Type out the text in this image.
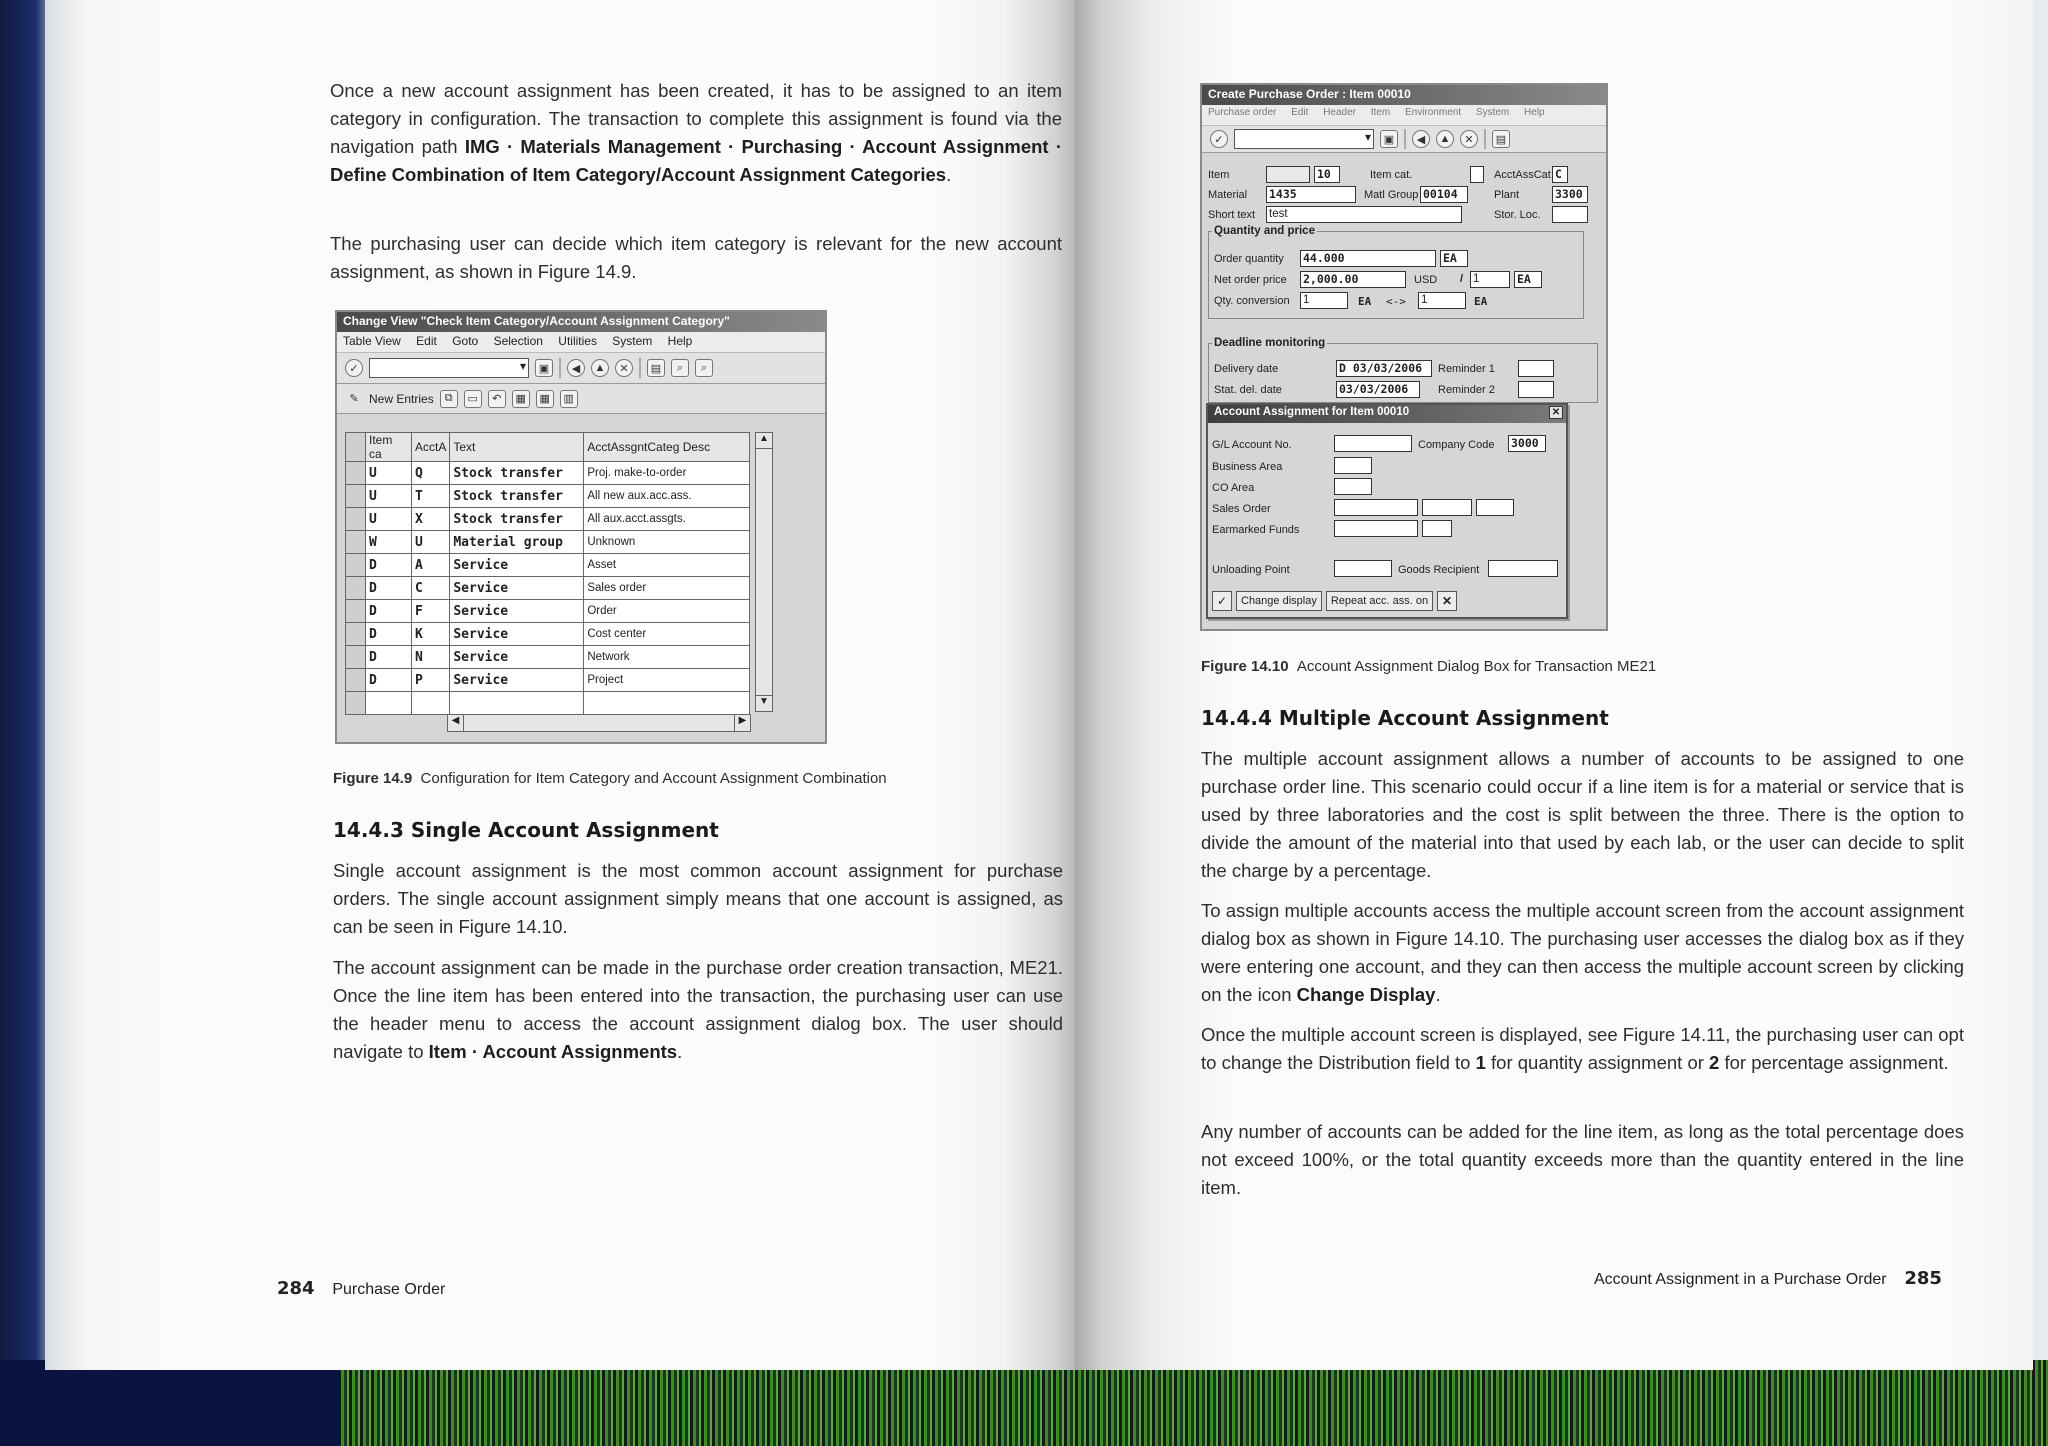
Once a new account assignment has been created, it has to be assigned to an item category in configuration. The transaction to complete this assignment is found via the navigation path IMG · Materials Management · Purchasing · Account Assignment · Define Combination of Item Category/Account Assignment Categories.

The purchasing user can decide which item category is relevant for the new account assignment, as shown in Figure 14.9.

Change View "Check Item Category/Account Assignment Category"
Table View Edit Goto Selection Utilities System Help
✓ ▾	▣	◀	▲	✕	▤	⌕	⌕
✎ New Entries	⧉	▭	↶	▦	▦	▥
	Item ca	AcctA	Text	AcctAssgntCateg Desc
	U	Q	Stock transfer	Proj. make-to-order
	U	T	Stock transfer	All new aux.acc.ass.
	U	X	Stock transfer	All aux.acct.assgts.
	W	U	Material group	Unknown
	D	A	Service	Asset
	D	C	Service	Sales order
	D	F	Service	Order
	D	K	Service	Cost center
	D	N	Service	Network
	D	P	Service	Project

▲
▼
◀	▶
Figure 14.9 Configuration for Item Category and Account Assignment Combination
14.4.3 Single Account Assignment

Single account assignment is the most common account assignment for purchase orders. The single account assignment simply means that one account is assigned, as can be seen in Figure 14.10.

The account assignment can be made in the purchase order creation transaction, ME21. Once the line item has been entered into the transaction, the purchasing user can use the header menu to access the account assignment dialog box. The user should navigate to Item · Account Assignments.

284 Purchase Order
Create Purchase Order : Item 00010
Purchase order Edit Header Item Environment System Help
✓ ▾	▣	◀	▲	✕	▤
Item	10	Item cat.	AcctAssCat C
Material 1435	Matl Group 00104	Plant	3300
Short text test	Stor. Loc.
Quantity and price
Order quantity 44.000	EA
Net order price 2,000.00	USD / 1	EA
Qty. conversion 1	EA <-> 1	EA
Deadline monitoring
Delivery date	D 03/03/2006	Reminder 1
Stat. del. date	03/03/2006	Reminder 2
Account Assignment for Item 00010	✕
G/L Account No.	Company Code 3000
Business Area
CO Area
Sales Order
Earmarked Funds
Unloading Point	Goods Recipient
✓	Change display	Repeat acc. ass. on	✕
Figure 14.10 Account Assignment Dialog Box for Transaction ME21
14.4.4 Multiple Account Assignment

The multiple account assignment allows a number of accounts to be assigned to one purchase order line. This scenario could occur if a line item is for a material or service that is used by three laboratories and the cost is split between the three. There is the option to divide the amount of the material into that used by each lab, or the user can decide to split the charge by a percentage.

To assign multiple accounts access the multiple account screen from the account assignment dialog box as shown in Figure 14.10. The purchasing user accesses the dialog box as if they were entering one account, and they can then access the multiple account screen by clicking on the icon Change Display.

Once the multiple account screen is displayed, see Figure 14.11, the purchasing user can opt to change the Distribution field to 1 for quantity assignment or 2 for percentage assignment.

Any number of accounts can be added for the line item, as long as the total percentage does not exceed 100%, or the total quantity exceeds more than the quantity entered in the line item.

Account Assignment in a Purchase Order 285
